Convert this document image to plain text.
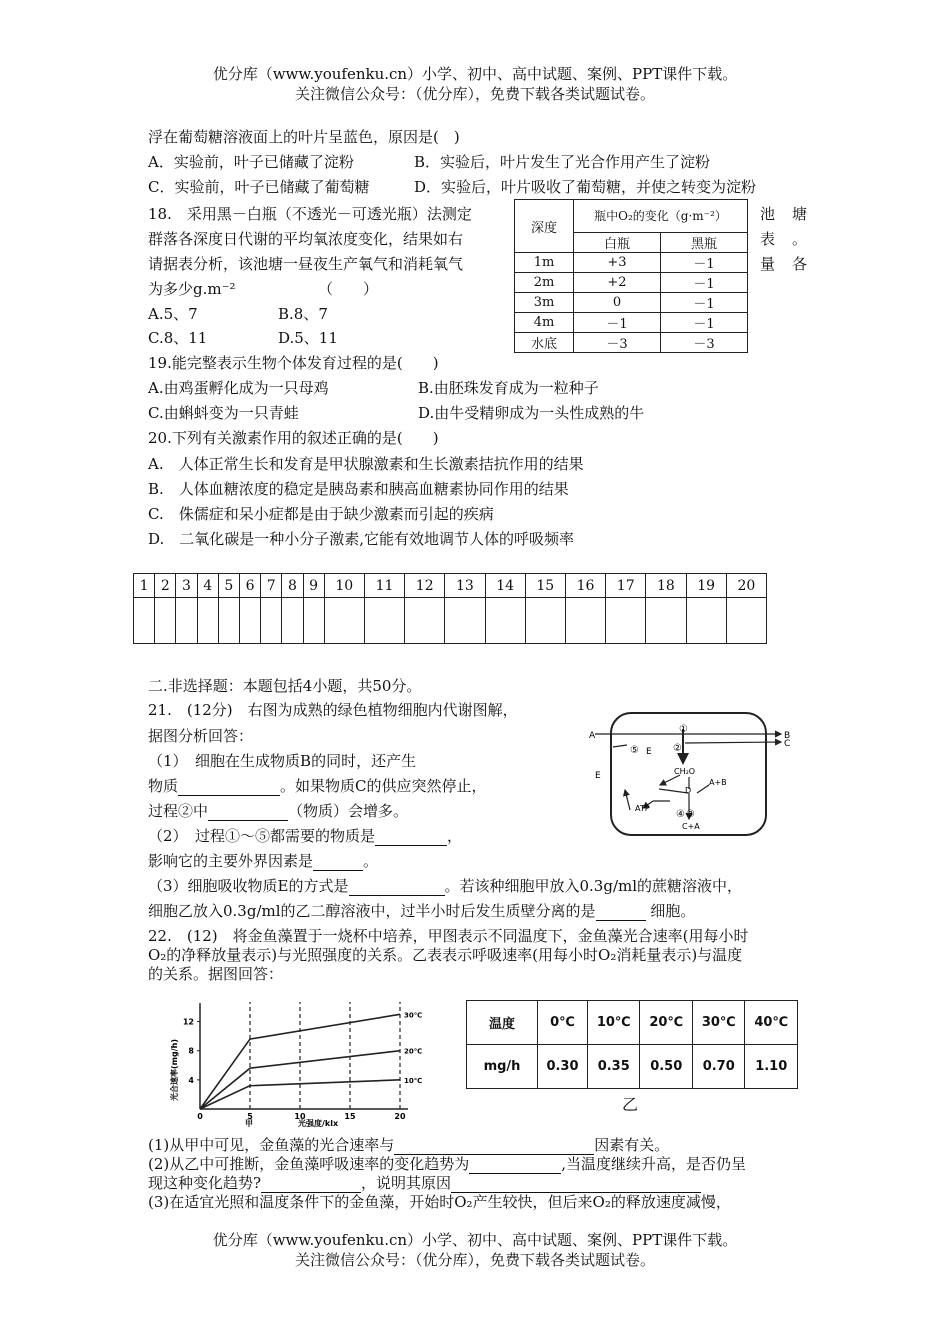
优分库（www.youfenku.cn）小学、初中、高中试题、案例、PPT课件下载。
关注微信公众号：（优分库），免费下载各类试题试卷。
浮在葡萄糖溶液面上的叶片呈蓝色，原因是(　)
A．实验前，叶子已储藏了淀粉	B．实验后，叶片发生了光合作用产生了淀粉
C．实验前，叶子已储藏了葡萄糖	D．实验后，叶片吸收了葡萄糖，并使之转变为淀粉
18.　采用黑－白瓶（不透光－可透光瓶）法测定
群落各深度日代谢的平均氧浓度变化，结果如右
请据表分析，该池塘一昼夜生产氧气和消耗氧气
为多少g.m⁻²　　　　　　（　　）
池　塘
表　。
量　各
A.5、7	B.8、7
C.8、11	D.5、11
深度	瓶中O₂的变化（g·m⁻²）	
	白瓶	黑瓶
1m	+3	－1
2m	+2	－1
3m	0	－1
4m	－1	－1
水底	－3	－3
19.能完整表示生物个体发育过程的是(　　)
A.由鸡蛋孵化成为一只母鸡	B.由胚珠发育成为一粒种子
C.由蝌蚪变为一只青蛙	D.由牛受精卵成为一头性成熟的牛
20.下列有关激素作用的叙述正确的是(　　)
A.　人体正常生长和发育是甲状腺激素和生长激素拮抗作用的结果
B.　人体血糖浓度的稳定是胰岛素和胰高血糖素协同作用的结果
C.　侏儒症和呆小症都是由于缺少激素而引起的疾病
D.　二氧化碳是一种小分子激素,它能有效地调节人体的呼吸频率
1	2	3	4	5	6	7	8	9	10	11	12	13	14	15	16	17	18	19	20

二.非选择题：本题包括4小题，共50分。
21.　(12分)　右图为成熟的绿色植物细胞内代谢图解，
据图分析回答：
（1）　细胞在生成物质B的同时，还产生
物质	。如果物质C的供应突然停止，
过程②中	（物质）会增多。
（2）　过程①～⑤都需要的物质是	，
影响它的主要外界因素是	。
（3）细胞吸收物质E的方式是	。若该种细胞甲放入0.3g/ml的蔗糖溶液中，
细胞乙放入0.3g/ml的乙二醇溶液中，过半小时后发生质壁分离的是	细胞。
A	B
C
E
E
①
②
③
④
⑤
CH₂O
D
ATP
A+B
C+A
22.　(12)　将金鱼藻置于一烧杯中培养，甲图表示不同温度下，金鱼藻光合速率(用每小时
O₂的净释放量表示)与光照强度的关系。乙表表示呼吸速率(用每小时O₂消耗量表示)与温度
的关系。据图回答：
光合速率(mg/h)
30℃
20℃
10℃
0	5	10	15	20
4
8
12
甲	光强度/klx
温度	0℃	10℃	20℃	30℃	40℃
mg/h	0.30	0.35	0.50	0.70	1.10
乙
(1)从甲中可见，金鱼藻的光合速率与	因素有关。
(2)从乙中可推断，金鱼藻呼吸速率的变化趋势为	,当温度继续升高，是否仍呈
现这种变化趋势?	，说明其原因
(3)在适宜光照和温度条件下的金鱼藻，开始时O₂产生较快，但后来O₂的释放速度减慢，
优分库（www.youfenku.cn）小学、初中、高中试题、案例、PPT课件下载。
关注微信公众号：（优分库），免费下载各类试题试卷。
